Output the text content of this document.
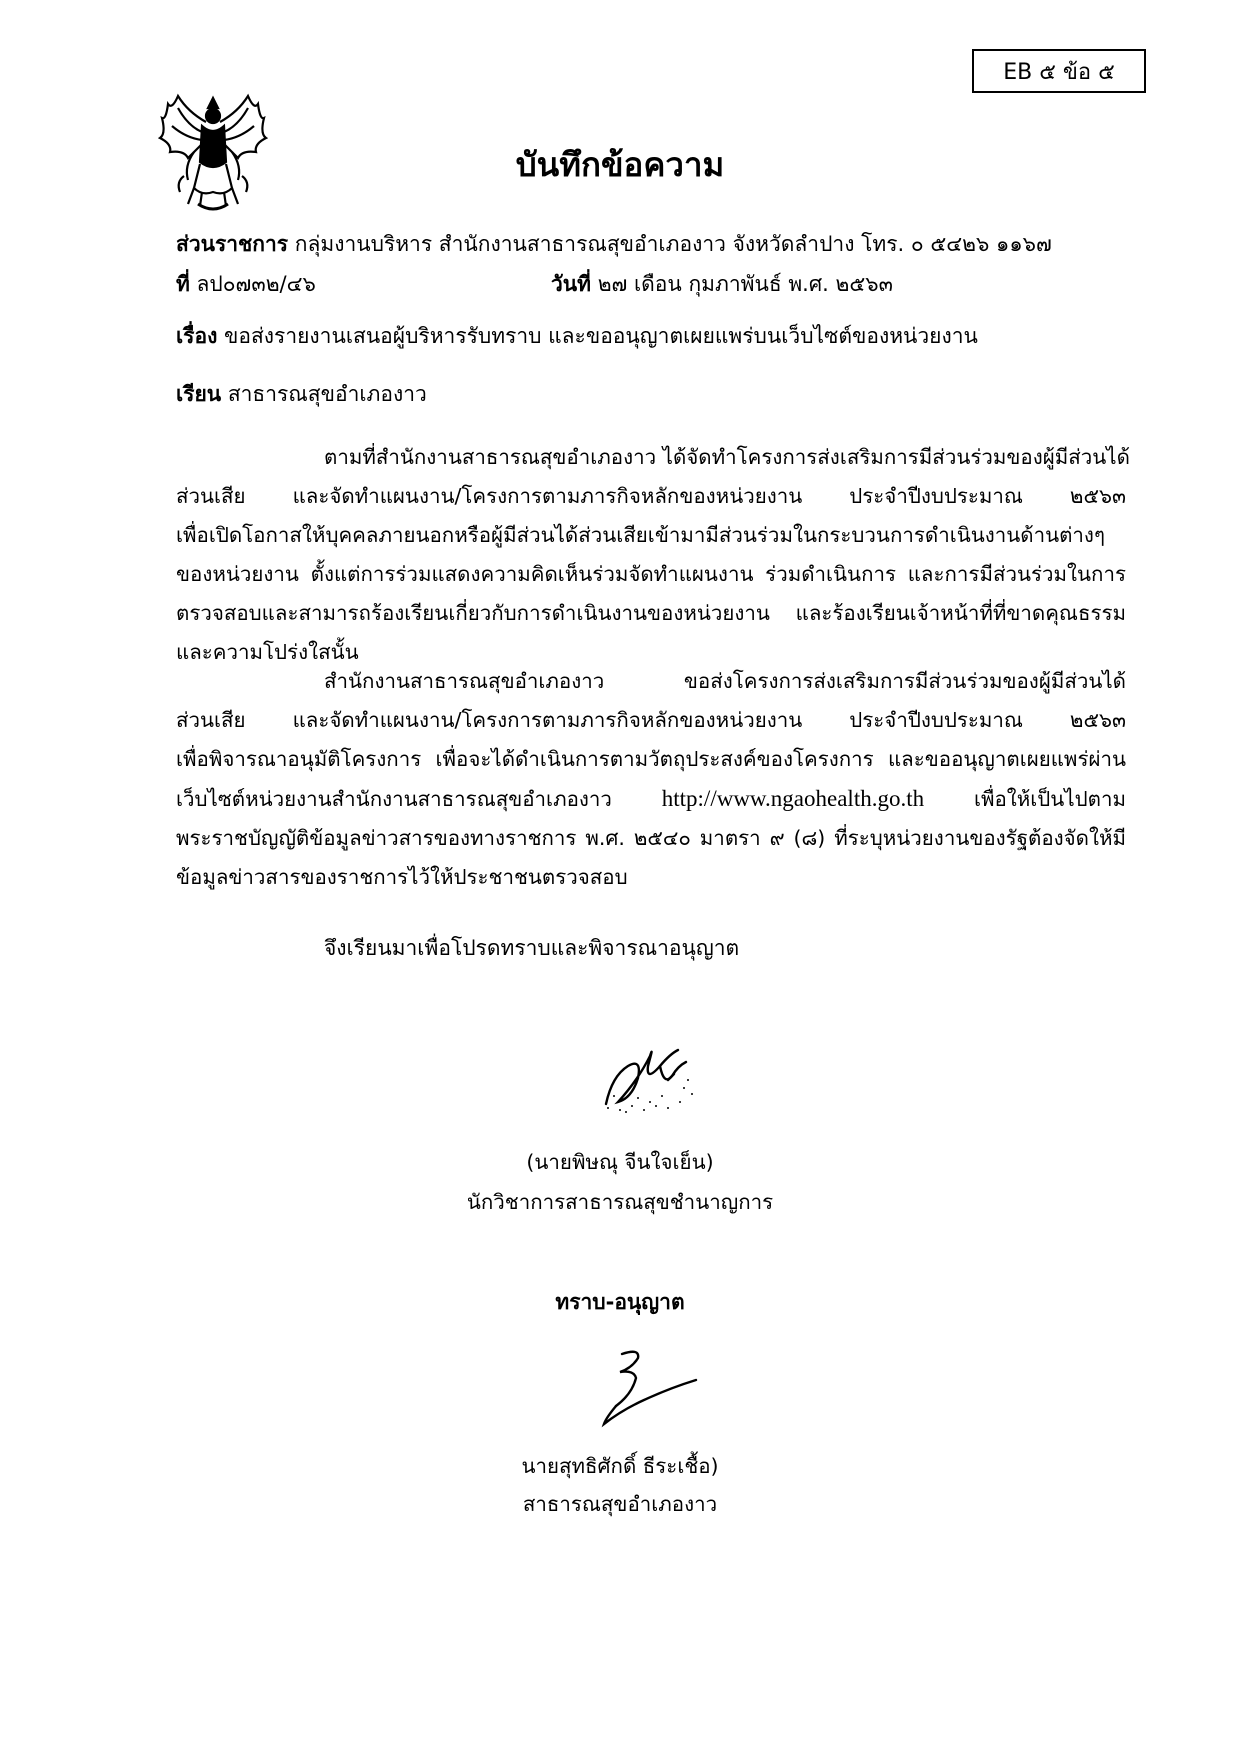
EB ๕ ข้อ ๕
บันทึกข้อความ
ส่วนราชการ กลุ่มงานบริหาร สำนักงานสาธารณสุขอำเภองาว จังหวัดลำปาง โทร. ๐ ๕๔๒๖ ๑๑๖๗
ที่ ลป๐๗๓๒/๔๖	วันที่ ๒๗ เดือน กุมภาพันธ์ พ.ศ. ๒๕๖๓
เรื่อง ขอส่งรายงานเสนอผู้บริหารรับทราบ และขออนุญาตเผยแพร่บนเว็บไซต์ของหน่วยงาน
เรียน สาธารณสุขอำเภองาว
ตามที่สำนักงานสาธารณสุขอำเภองาว ได้จัดทำโครงการส่งเสริมการมีส่วนร่วมของผู้มีส่วนได้
ส่วนเสีย และจัดทำแผนงาน/โครงการตามภารกิจหลักของหน่วยงาน ประจำปีงบประมาณ ๒๕๖๓
เพื่อเปิดโอกาสให้บุคคลภายนอกหรือผู้มีส่วนได้ส่วนเสียเข้ามามีส่วนร่วมในกระบวนการดำเนินงานด้านต่างๆ
ของหน่วยงาน ตั้งแต่การร่วมแสดงความคิดเห็นร่วมจัดทำแผนงาน ร่วมดำเนินการ และการมีส่วนร่วมในการ
ตรวจสอบและสามารถร้องเรียนเกี่ยวกับการดำเนินงานของหน่วยงาน และร้องเรียนเจ้าหน้าที่ที่ขาดคุณธรรม
และความโปร่งใสนั้น
สำนักงานสาธารณสุขอำเภองาว ขอส่งโครงการส่งเสริมการมีส่วนร่วมของผู้มีส่วนได้
ส่วนเสีย และจัดทำแผนงาน/โครงการตามภารกิจหลักของหน่วยงาน ประจำปีงบประมาณ ๒๕๖๓
เพื่อพิจารณาอนุมัติโครงการ เพื่อจะได้ดำเนินการตามวัตถุประสงค์ของโครงการ และขออนุญาตเผยแพร่ผ่าน
เว็บไซต์หน่วยงานสำนักงานสาธารณสุขอำเภองาว http://www.ngaohealth.go.th เพื่อให้เป็นไปตาม
พระราชบัญญัติข้อมูลข่าวสารของทางราชการ พ.ศ. ๒๕๔๐ มาตรา ๙ (๘) ที่ระบุหน่วยงานของรัฐต้องจัดให้มี
ข้อมูลข่าวสารของราชการไว้ให้ประชาชนตรวจสอบ
จึงเรียนมาเพื่อโปรดทราบและพิจารณาอนุญาต
(นายพิษณุ จีนใจเย็น)
นักวิชาการสาธารณสุขชำนาญการ
ทราบ-อนุญาต
นายสุทธิศักดิ์ ธีระเชื้อ)
สาธารณสุขอำเภองาว
